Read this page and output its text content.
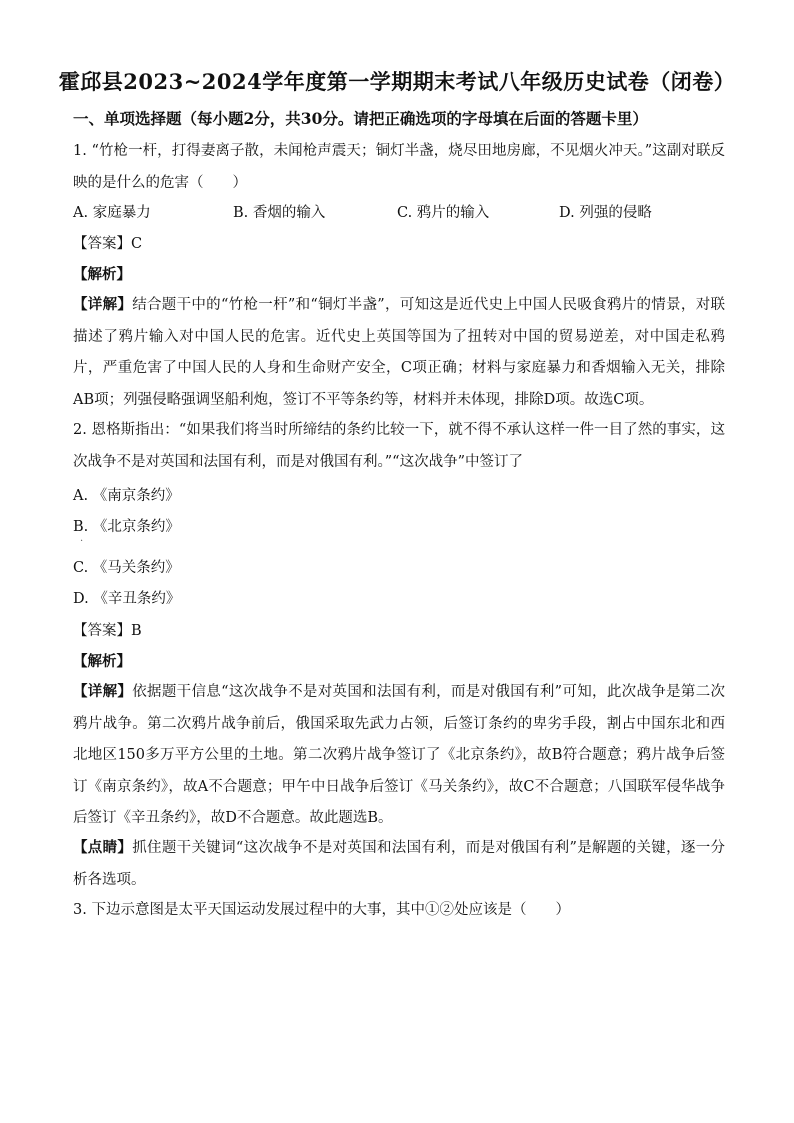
霍邱县2023~2024学年度第一学期期末考试八年级历史试卷（闭卷）
一、单项选择题（每小题2分，共30分。请把正确选项的字母填在后面的答题卡里）
1. “竹枪一杆，打得妻离子散，未闻枪声震天；铜灯半盏，烧尽田地房廊，不见烟火冲天。”这副对联反映的是什么的危害（　　）
A. 家庭暴力	B. 香烟的输入	C. 鸦片的输入	D. 列强的侵略
【答案】C
【解析】
【详解】结合题干中的“竹枪一杆”和“铜灯半盏”，可知这是近代史上中国人民吸食鸦片的情景，对联描述了鸦片输入对中国人民的危害。近代史上英国等国为了扭转对中国的贸易逆差，对中国走私鸦片，严重危害了中国人民的人身和生命财产安全，C项正确；材料与家庭暴力和香烟输入无关，排除AB项；列强侵略强调坚船利炮，签订不平等条约等，材料并未体现，排除D项。故选C项。
2. 恩格斯指出：“如果我们将当时所缔结的条约比较一下，就不得不承认这样一件一目了然的事实，这次战争不是对英国和法国有利，而是对俄国有利。”“这次战争”中签订了
A. 《南京条约》
B. 《北京条约》
·
C. 《马关条约》
D. 《辛丑条约》
【答案】B
【解析】
【详解】依据题干信息“这次战争不是对英国和法国有利，而是对俄国有利”可知，此次战争是第二次鸦片战争。第二次鸦片战争前后，俄国采取先武力占领，后签订条约的卑劣手段，割占中国东北和西北地区150多万平方公里的土地。第二次鸦片战争签订了《北京条约》，故B符合题意；鸦片战争后签订《南京条约》，故A不合题意；甲午中日战争后签订《马关条约》，故C不合题意；八国联军侵华战争后签订《辛丑条约》，故D不合题意。故此题选B。
【点睛】抓住题干关键词“这次战争不是对英国和法国有利，而是对俄国有利”是解题的关键，逐一分析各选项。
3. 下边示意图是太平天国运动发展过程中的大事，其中①②处应该是（　　）
